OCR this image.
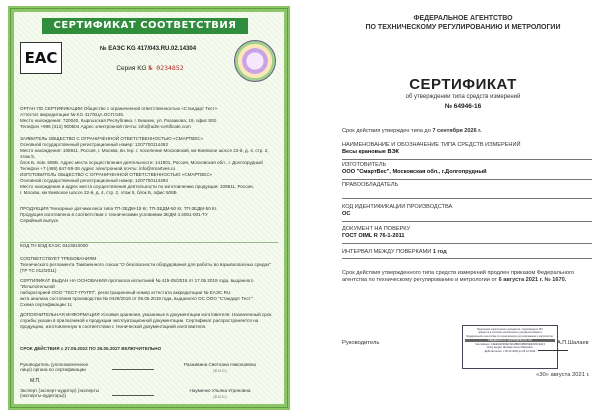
СЕРТИФИКАТ СООТВЕТСТВИЯ
EAC	№ ЕАЭС KG 417/043.RU.02.14304
Серия KG № 0234852
ОРГАН ПО СЕРТИФИКАЦИИ Общество с ограниченной ответственностью «Стандарт Тест»
Аттестат аккредитации № KG 417/КЦА.ОСП.045.
Место нахождения: 720040, Кыргызская Республика, г. Бишкек, ул. Раззакова, 19, офис 502.
Телефон +996 (312) 900604 Адрес электронной почты: info@adm-certificate.com
ЗАЯВИТЕЛЬ ОБЩЕСТВО С ОГРАНИЧЕННОЙ ОТВЕТСТВЕННОСТЬЮ «СМАРТВЕС»
Основной государственный регистрационный номер: 1207700114493
Место нахождения: 108811, Россия, г. Москва, вн.тер. г. поселение Московский, км Киевское шоссе 22-й, д. 4, стр. 2, этаж 5,
блок Б, пом. 506Б. Адрес места осуществления деятельности: 141801, Россия, Московская обл., г. Долгопрудный
Телефон +7 (495) 647-59-36 Адрес электронной почты: info@smartves.ru
ИЗГОТОВИТЕЛЬ ОБЩЕСТВО С ОГРАНИЧЕННОЙ ОТВЕТСТВЕННОСТЬЮ «СМАРТВЕС»
Основной государственный регистрационный номер: 1207700114493
Место нахождения и адрес места осуществления деятельности по изготовлению продукции: 108811, Россия,
г. Москва, км Киевское шоссе 22-й, д. 4, стр. 2, этаж 5, блок Б, офис 506Б
ПРОДУКЦИЯ Тензорные датчики веса типа ТП-ЗЕДМ-15 Кг, ТП-ЗЕДМ-50 Кг, ТП-ЗЕДМ-50 Кг.
Продукция изготовлена в соответствии с техническими условиями ЗЕДМ 4.4081-001-ТУ
Серийный выпуск
КОД ТН ВЭД ЕАЭС 8423810000
СООТВЕТСТВУЕТ ТРЕБОВАНИЯМ
Технического регламента Таможенного союза "О безопасности оборудования для работы во взрывоопасных средах" (ТР ТС 012/2011)
СЕРТИФИКАТ ВЫДАН НА ОСНОВАНИИ протокола испытаний № 415-05/2015 от 17.05.2019 года, выданного "Испытательной
лабораторией ООО "ТЕСТ-ГРУПП", регистрационный номер аттестата аккредитации № ЕАЭС RU.
акта анализа состояния производства № 0429/2019 от 05.05.2019 года, выданного ОС ООО "Стандарт Тест".
Схема сертификации 1с
ДОПОЛНИТЕЛЬНАЯ ИНФОРМАЦИЯ Условия хранения, указанные в документации изготовителя. Назначенный срок
службы указан в прилагаемой к продукции эксплуатационной документации. Сертификат распространяется на
продукцию, изготовленную в соответствии с технической документацией изготовителя.
СРОК ДЕЙСТВИЯ с 27.05.2022 ПО 26.05.2027 ВКЛЮЧИТЕЛЬНО
Руководитель (уполномоченное лицо) органа по сертификации
Разживина Светлана Николаевна
(Ф.И.О.)
М.П.
Эксперт (эксперт-аудитор) (эксперты (эксперты-аудиторы))
Науменко Ульяна Угриновна
(Ф.И.О.)
ФЕДЕРАЛЬНОЕ АГЕНТСТВО
ПО ТЕХНИЧЕСКОМУ РЕГУЛИРОВАНИЮ И МЕТРОЛОГИИ
СЕРТИФИКАТ
об утверждении типа средств измерений
№ 64946-16
Срок действия утвержден типа до 7 сентября 2026 г.
НАИМЕНОВАНИЕ И ОБОЗНАЧЕНИЕ ТИПА СРЕДСТВ ИЗМЕРЕНИЙ
Весы крановые ВЭК
ИЗГОТОВИТЕЛЬ
ООО "СмартВес", Московская обл., г.Долгопрудный
ПРАВООБЛАДАТЕЛЬ
КОД ИДЕНТИФИКАЦИИ ПРОИЗВОДСТВА
ОС
ДОКУМЕНТ НА ПОВЕРКУ
ГОСТ OIML R 76-1-2011
ИНТЕРВАЛ МЕЖДУ ПОВЕРКАМИ 1 год
Срок действия утвержденного типа средств измерений продлен приказом Федерального агентства по техническому регулированию и метрологии от 6 августа 2021 г. № 1670.
Подлинник электронного документа, подписанного ЭП,
хранится в системе электронного документооборота
Федерального агентства по техническому регулированию и метрологии.
СВЕДЕНИЯ О СЕРТИФИКАТЕ ЭП
Сертификат: 01EE3A0000E7ADA8B2D4B0F0E94D3C2A13
Кому выдан: Шалаев Антон Павлович
Действителен: с 06.12.2020 до 06.12.2022
Руководитель	А.П.Шалаев
«30» августа 2021 г.
